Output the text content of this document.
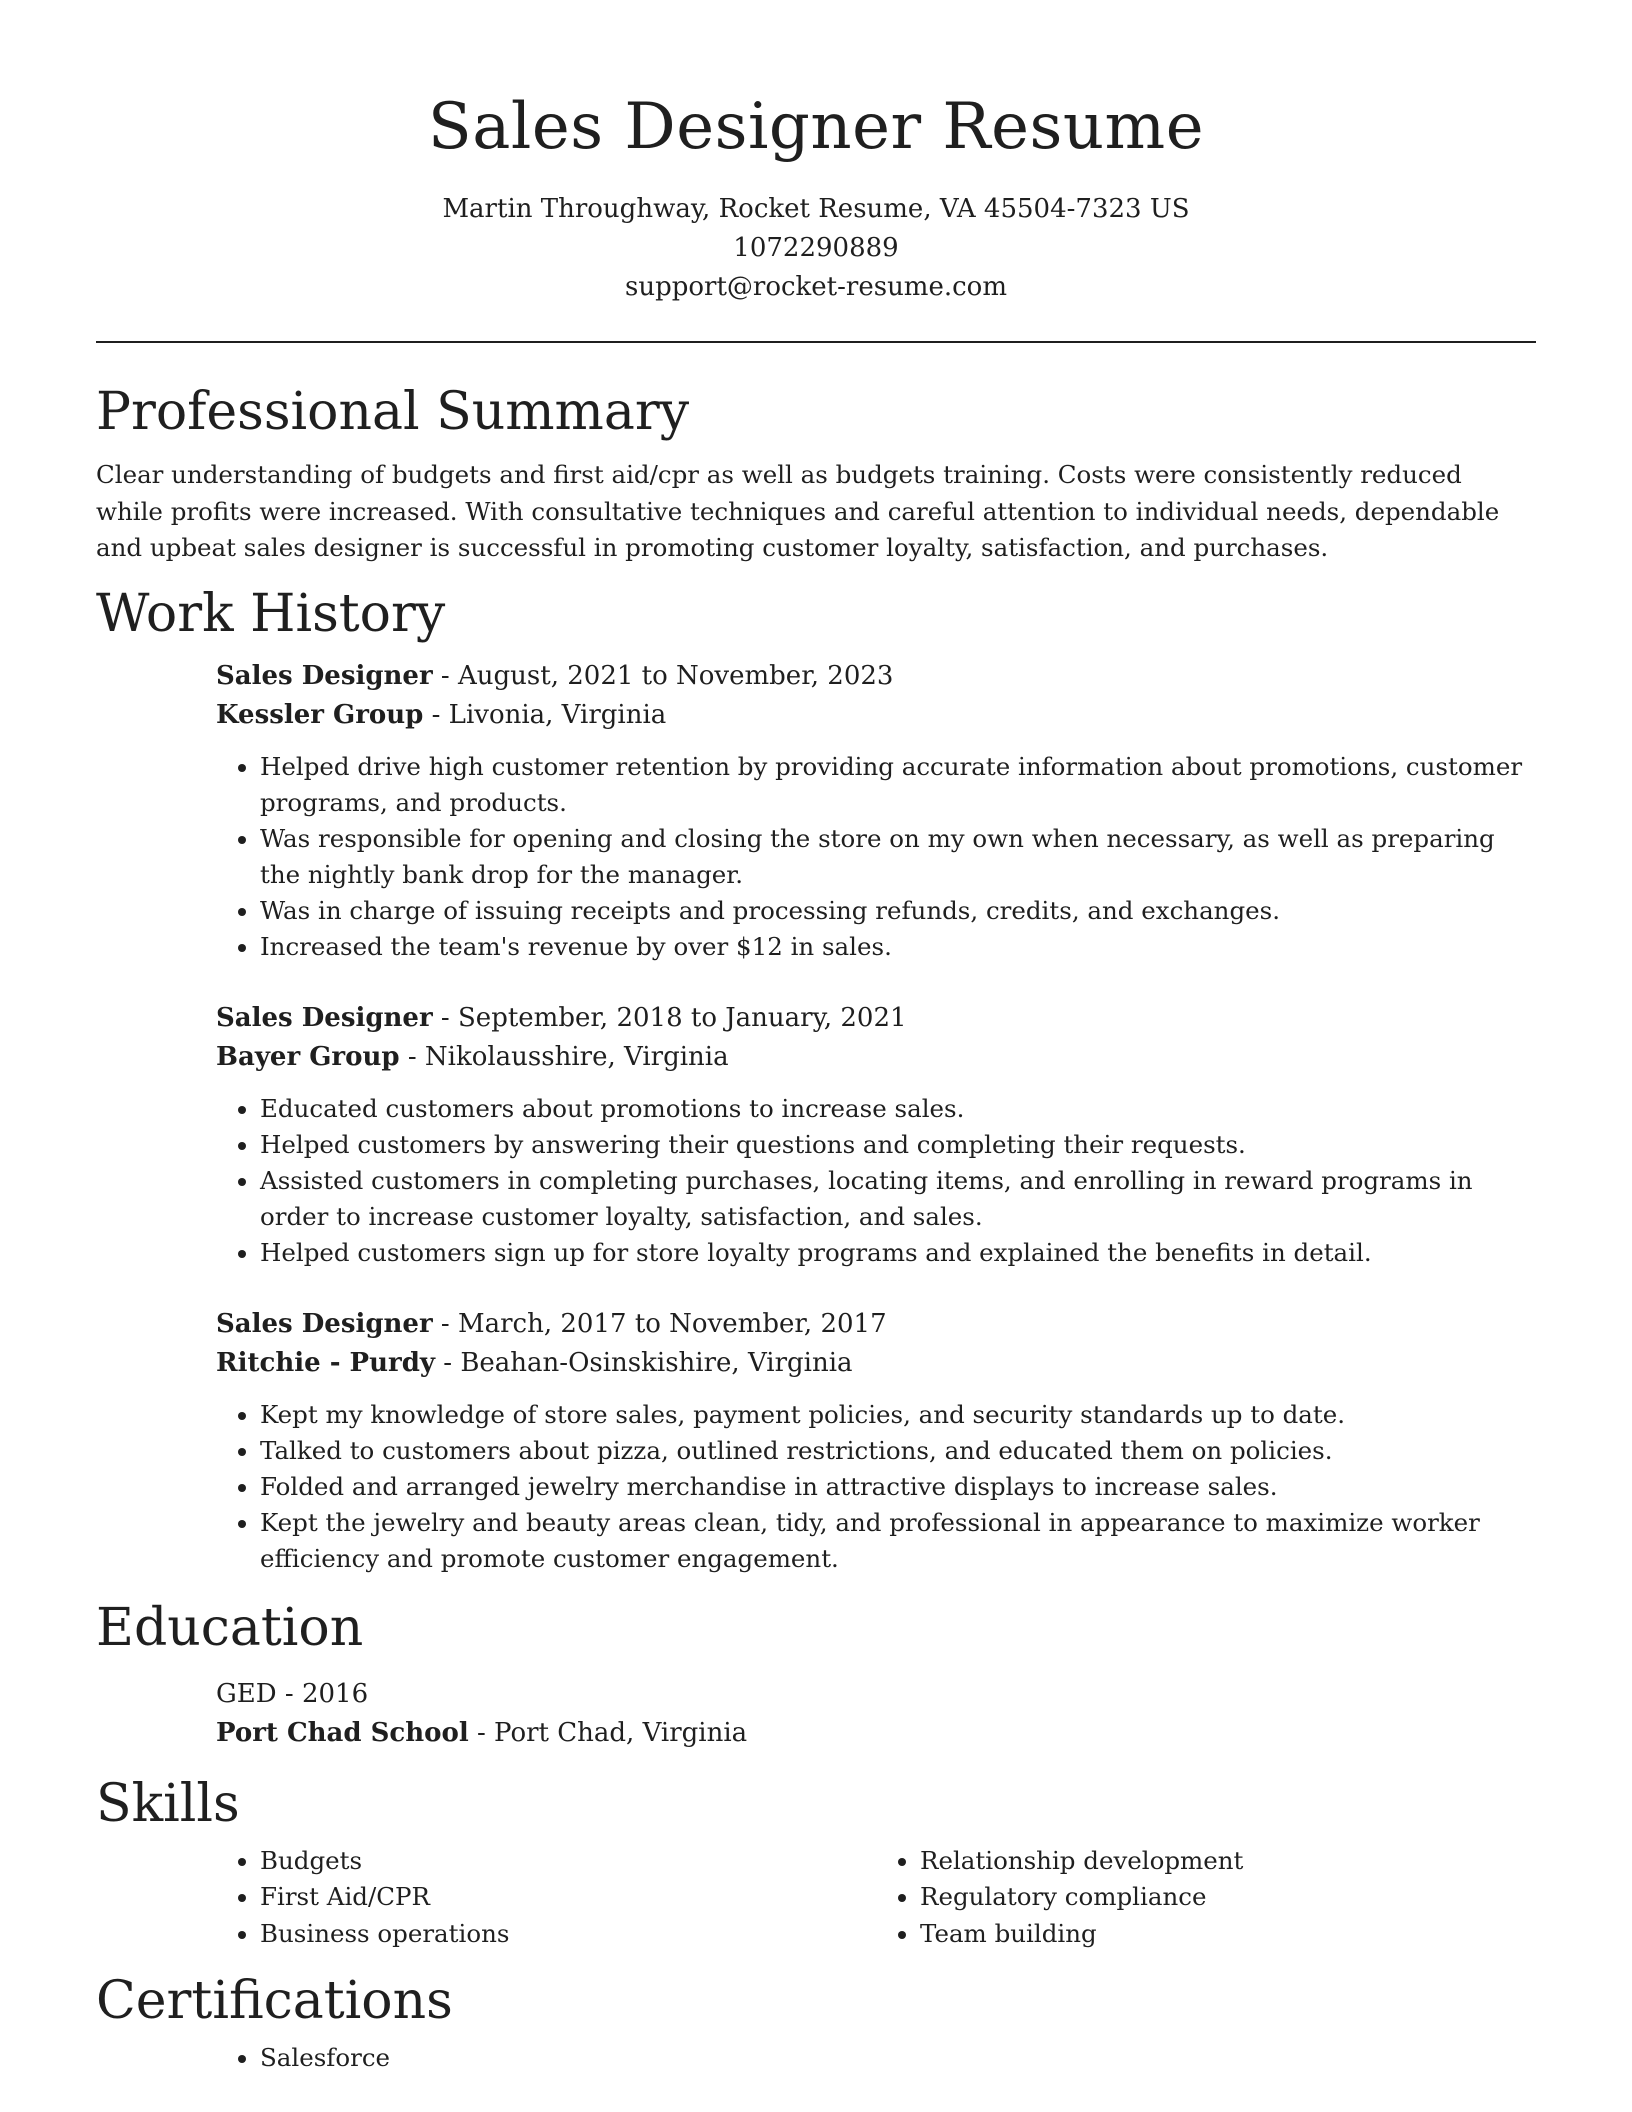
Sales Designer Resume
Martin Throughway, Rocket Resume, VA 45504-7323 US
1072290889
support@rocket-resume.com
Professional Summary

Clear understanding of budgets and first aid/cpr as well as budgets training. Costs were consistently reduced while profits were increased. With consultative techniques and careful attention to individual needs, dependable and upbeat sales designer is successful in promoting customer loyalty, satisfaction, and purchases.

Work History
Sales Designer - August, 2021 to November, 2023
Kessler Group - Livonia, Virginia
• Helped drive high customer retention by providing accurate information about promotions, customer programs, and products.
• Was responsible for opening and closing the store on my own when necessary, as well as preparing the nightly bank drop for the manager.
• Was in charge of issuing receipts and processing refunds, credits, and exchanges.
• Increased the team's revenue by over $12 in sales.
Sales Designer - September, 2018 to January, 2021
Bayer Group - Nikolausshire, Virginia
• Educated customers about promotions to increase sales.
• Helped customers by answering their questions and completing their requests.
• Assisted customers in completing purchases, locating items, and enrolling in reward programs in order to increase customer loyalty, satisfaction, and sales.
• Helped customers sign up for store loyalty programs and explained the benefits in detail.
Sales Designer - March, 2017 to November, 2017
Ritchie - Purdy - Beahan-Osinskishire, Virginia
• Kept my knowledge of store sales, payment policies, and security standards up to date.
• Talked to customers about pizza, outlined restrictions, and educated them on policies.
• Folded and arranged jewelry merchandise in attractive displays to increase sales.
• Kept the jewelry and beauty areas clean, tidy, and professional in appearance to maximize worker efficiency and promote customer engagement.
Education
GED - 2016
Port Chad School - Port Chad, Virginia
Skills
• Budgets
• First Aid/CPR
• Business operations
• Relationship development
• Regulatory compliance
• Team building
Certifications
• Salesforce
